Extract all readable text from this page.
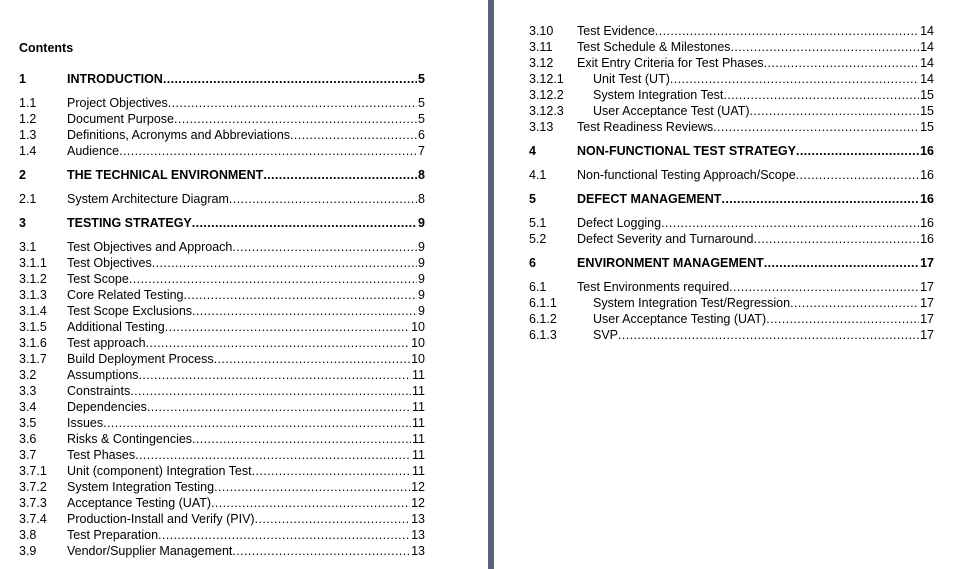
Contents
1	INTRODUCTION .....	5
1.1 Project Objectives .....	5
1.2 Document Purpose .....	5
1.3 Definitions, Acronyms and Abbreviations .....	6
1.4 Audience .....	7
2	THE TECHNICAL ENVIRONMENT .....	8
2.1 System Architecture Diagram .....	8
3	TESTING STRATEGY .....	9
3.1 Test Objectives and Approach .....	9
3.1.1 Test Objectives .....	9
3.1.2 Test Scope .....	9
3.1.3 Core Related Testing .....	9
3.1.4 Test Scope Exclusions .....	9
3.1.5 Additional Testing .....	10
3.1.6 Test approach .....	10
3.1.7 Build Deployment Process .....	10
3.2 Assumptions .....	11
3.3 Constraints .....	11
3.4 Dependencies .....	11
3.5 Issues .....	11
3.6 Risks & Contingencies .....	11
3.7 Test Phases .....	11
3.7.1 Unit (component) Integration Test .....	11
3.7.2 System Integration Testing .....	12
3.7.3 Acceptance Testing (UAT) .....	12
3.7.4 Production-Install and Verify (PIV) .....	13
3.8 Test Preparation .....	13
3.9 Vendor/Supplier Management .....	13
3.10 Test Evidence .....	14
3.11 Test Schedule & Milestones .....	14
3.12 Exit Entry Criteria for Test Phases .....	14
3.12.1 Unit Test (UT) .....	14
3.12.2 System Integration Test .....	15
3.12.3 User Acceptance Test (UAT) .....	15
3.13 Test Readiness Reviews .....	15
4	NON-FUNCTIONAL TEST STRATEGY .....	16
4.1 Non-functional Testing Approach/Scope .....	16
5	DEFECT MANAGEMENT .....	16
5.1 Defect Logging .....	16
5.2 Defect Severity and Turnaround .....	16
6	ENVIRONMENT MANAGEMENT .....	17
6.1 Test Environments required .....	17
6.1.1	System Integration Test/Regression .....	17
6.1.2	User Acceptance Testing (UAT) .....	17
6.1.3	SVP .....	17
